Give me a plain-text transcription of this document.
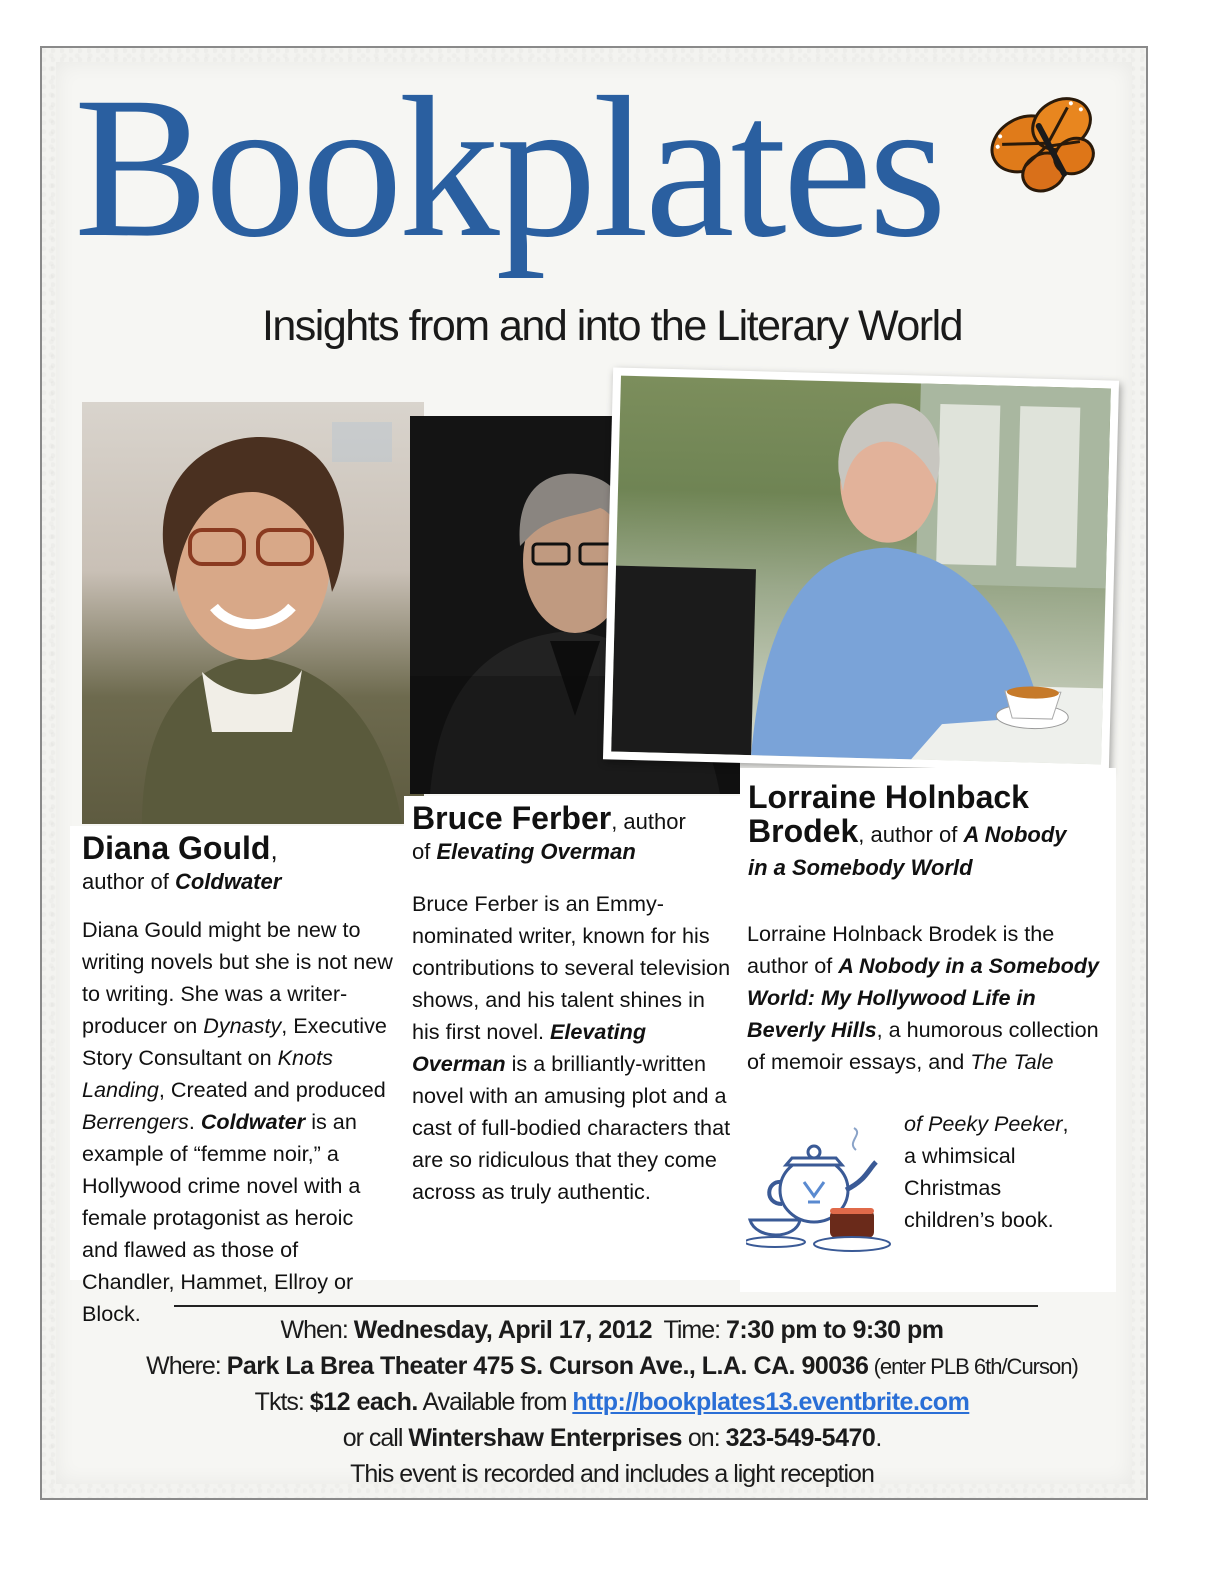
Bookplates
Insights from and into the Literary World
Diana Gould,
author of Coldwater
Diana Gould might be new to writing novels but she is not new to writing. She was a writer-producer on Dynasty, Executive Story Consultant on Knots Landing, Created and produced Berrengers. Coldwater is an example of “femme noir,” a Hollywood crime novel with a female protagonist as heroic and flawed as those of Chandler, Hammet, Ellroy or Block.
Bruce Ferber, author
of Elevating Overman
Bruce Ferber is an Emmy-nominated writer, known for his contributions to several television shows, and his talent shines in his first novel. Elevating Overman is a brilliantly-written novel with an amusing plot and a cast of full-bodied characters that are so ridiculous that they come across as truly authentic.
Lorraine Holnback
Brodek, author of A Nobody
in a Somebody World
Lorraine Holnback Brodek is the author of A Nobody in a Somebody World: My Hollywood Life in Beverly Hills, a humorous collection of memoir essays, and The Tale
of Peeky Peeker,
a whimsical
Christmas
children’s book.
When: Wednesday, April 17, 2012  Time: 7:30 pm to 9:30 pm
Where: Park La Brea Theater 475 S. Curson Ave., L.A. CA. 90036 (enter PLB 6th/Curson)
Tkts: $12 each. Available from http://bookplates13.eventbrite.com
or call Wintershaw Enterprises on: 323-549-5470.
This event is recorded and includes a light reception
